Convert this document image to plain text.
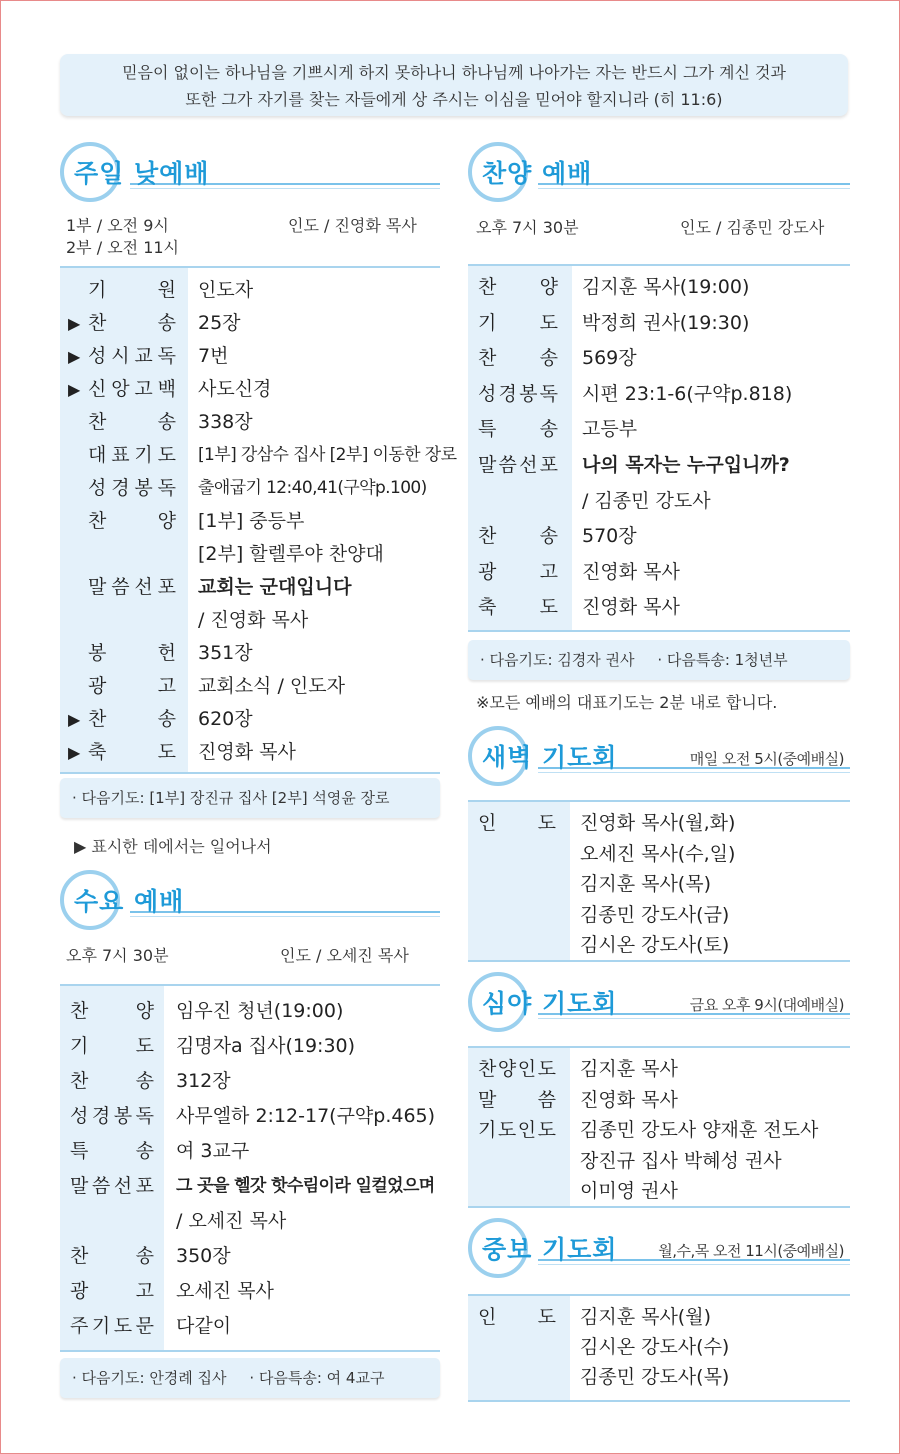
믿음이 없이는 하나님을 기쁘시게 하지 못하나니 하나님께 나아가는 자는 반드시 그가 계신 것과
또한 그가 자기를 찾는 자들에게 상 주시는 이심을 믿어야 할지니라 (히 11:6)
주일 낮예배
1부 / 오전 9시
2부 / 오전 11시
인도 / 진영화 목사
기	원 인도자
▶ 찬	송 25장
▶ 성 시 교 독 7번
▶ 신 앙 고 백 사도신경
찬	송 338장
대 표 기 도 [1부] 강삼수 집사 [2부] 이동한 장로
성 경 봉 독 출애굽기 12:40,41(구약p.100)
찬	양 [1부] 중등부
[2부] 할렐루야 찬양대
말 씀 선 포 교회는 군대입니다
/ 진영화 목사
봉	헌 351장
광	고 교회소식 / 인도자
▶ 찬	송 620장
▶ 축	도 진영화 목사
· 다음기도: [1부] 장진규 집사 [2부] 석영윤 장로
▶ 표시한 데에서는 일어나서
수요 예배
오후 7시 30분	인도 / 오세진 목사
찬 양 임우진 청년(19:00)
기 도 김명자a 집사(19:30)
찬 송 312장
성 경 봉 독 사무엘하 2:12-17(구약p.465)
특 송 여 3교구
말 씀 선 포 그 곳을 헬갓 핫수림이라 일컬었으며
/ 오세진 목사
찬 송 350장
광 고 오세진 목사
주 기 도 문 다같이
· 다음기도: 안경례 집사 · 다음특송: 여 4교구
찬양 예배
오후 7시 30분	인도 / 김종민 강도사
찬 양 김지훈 목사(19:00)
기 도 박정희 권사(19:30)
찬 송 569장
성 경 봉 독 시편 23:1-6(구약p.818)
특 송 고등부
말 씀 선 포 나의 목자는 누구입니까?
/ 김종민 강도사
찬 송 570장
광 고 진영화 목사
축 도 진영화 목사
· 다음기도: 김경자 권사 · 다음특송: 1청년부
※모든 예배의 대표기도는 2분 내로 합니다.
새벽 기도회	매일 오전 5시(중예배실)
인 도 진영화 목사(월,화)
오세진 목사(수,일)
김지훈 목사(목)
김종민 강도사(금)
김시온 강도사(토)
심야 기도회	금요 오후 9시(대예배실)
찬 양 인 도 김지훈 목사
말 씀 진영화 목사
기 도 인 도 김종민 강도사 양재훈 전도사
장진규 집사 박혜성 권사
이미영 권사
중보 기도회	월,수,목 오전 11시(중예배실)
인 도 김지훈 목사(월)
김시온 강도사(수)
김종민 강도사(목)
